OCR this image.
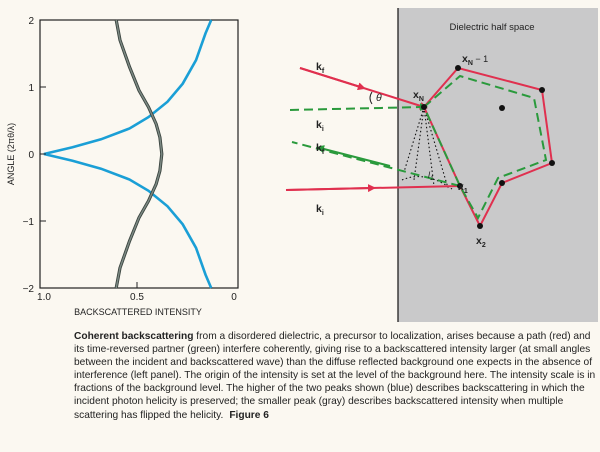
2
1
0
−1
−2
1.0	0.5	0
BACKSCATTERED INTENSITY
ANGLE (2πθ/λ)
Dielectric half space
$k_f$
$k_i$
$k_f$
$k_i$
θ	$x_N$
$x_N - 1$
$x_1$
$x_2$
$l_1$
Coherent backscattering from a disordered dielectric, a precursor to localization, arises because a path (red) and its time-reversed partner (green) interfere coherently, giving rise to a backscattered intensity larger (at small angles between the incident and backscattered wave) than the diffuse reflected background one expects in the absence of interference (left panel). The origin of the intensity is set at the level of the background here. The intensity scale is in fractions of the background level. The higher of the two peaks shown (blue) describes backscattering in which the incident photon helicity is preserved; the smaller peak (gray) describes backscattered intensity when multiple scattering has flipped the helicity. Figure 6
